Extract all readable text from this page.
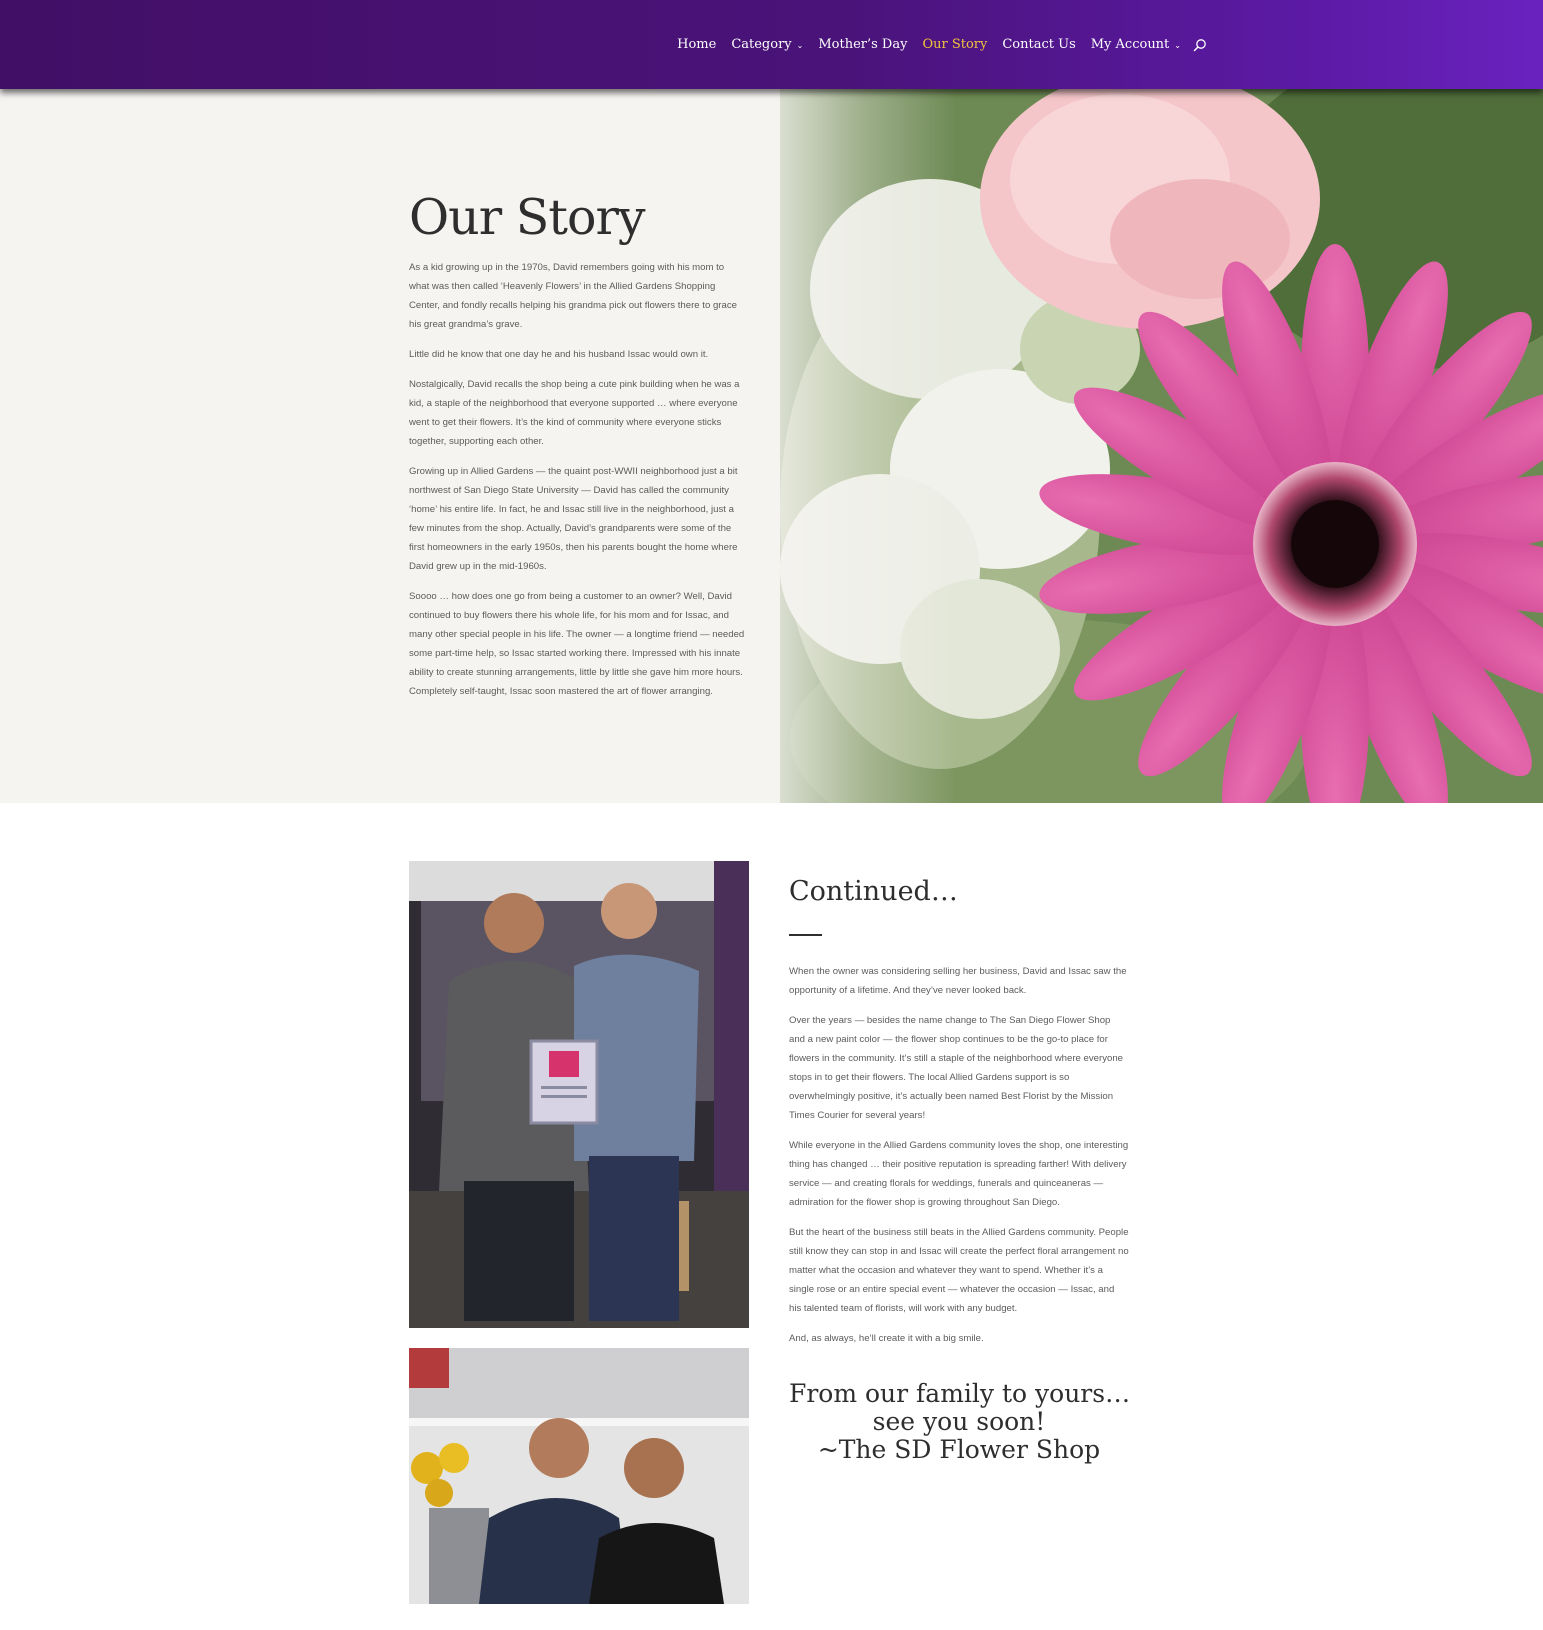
Home Category ⌄ Mother’s Day Our Story Contact Us My Account ⌄
Our Story

As a kid growing up in the 1970s, David remembers going with his mom to what was then called ‘Heavenly Flowers’ in the Allied Gardens Shopping Center, and fondly recalls helping his grandma pick out flowers there to grace his great grandma’s grave.

Little did he know that one day he and his husband Issac would own it.

Nostalgically, David recalls the shop being a cute pink building when he was a kid, a staple of the neighborhood that everyone supported … where everyone went to get their flowers. It’s the kind of community where everyone sticks together, supporting each other.

Growing up in Allied Gardens — the quaint post-WWII neighborhood just a bit northwest of San Diego State University — David has called the community ‘home’ his entire life. In fact, he and Issac still live in the neighborhood, just a few minutes from the shop. Actually, David’s grandparents were some of the first homeowners in the early 1950s, then his parents bought the home where David grew up in the mid-1960s.

Soooo … how does one go from being a customer to an owner? Well, David continued to buy flowers there his whole life, for his mom and for Issac, and many other special people in his life. The owner — a longtime friend — needed some part-time help, so Issac started working there. Impressed with his innate ability to create stunning arrangements, little by little she gave him more hours. Completely self-taught, Issac soon mastered the art of flower arranging.

Continued…

When the owner was considering selling her business, David and Issac saw the opportunity of a lifetime. And they’ve never looked back.

Over the years — besides the name change to The San Diego Flower Shop and a new paint color — the flower shop continues to be the go-to place for flowers in the community. It’s still a staple of the neighborhood where everyone stops in to get their flowers. The local Allied Gardens support is so overwhelmingly positive, it’s actually been named Best Florist by the Mission Times Courier for several years!

While everyone in the Allied Gardens community loves the shop, one interesting thing has changed … their positive reputation is spreading farther! With delivery service — and creating florals for weddings, funerals and quinceaneras — admiration for the flower shop is growing throughout San Diego.

But the heart of the business still beats in the Allied Gardens community. People still know they can stop in and Issac will create the perfect floral arrangement no matter what the occasion and whatever they want to spend. Whether it’s a single rose or an entire special event — whatever the occasion — Issac, and his talented team of florists, will work with any budget.

And, as always, he’ll create it with a big smile.

From our family to yours…
see you soon!
~The SD Flower Shop
